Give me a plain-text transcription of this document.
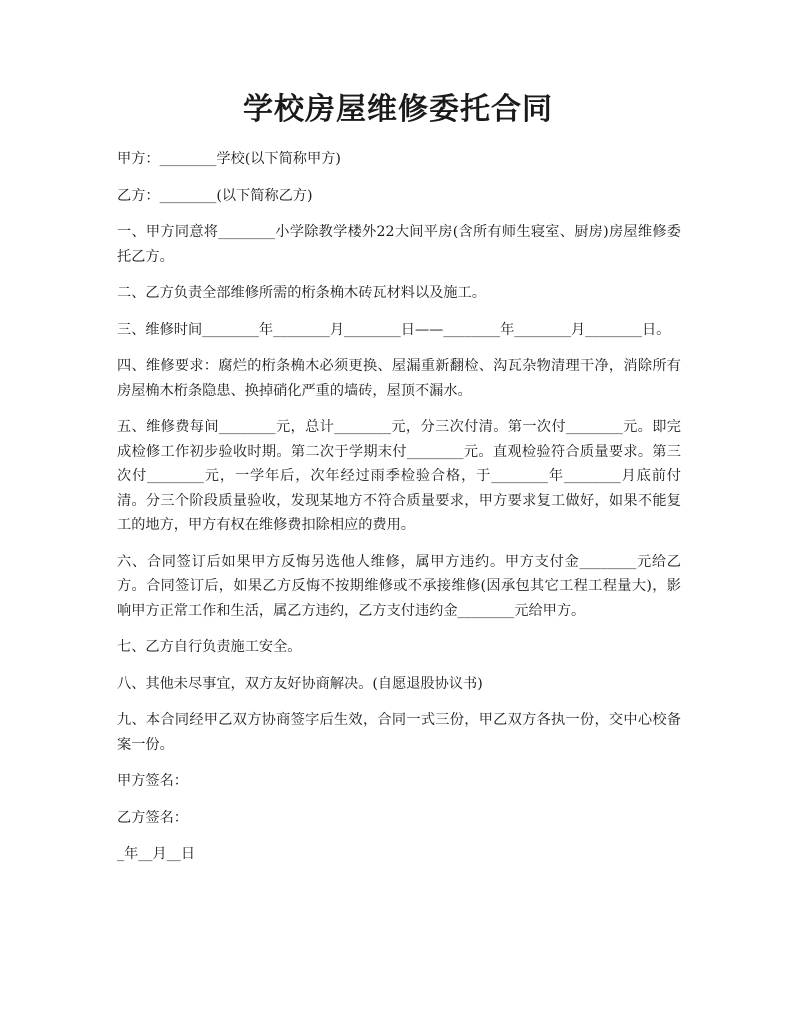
学校房屋维修委托合同

甲方：________学校(以下简称甲方)

乙方：________(以下简称乙方)

一、甲方同意将________小学除教学楼外22大间平房(含所有师生寝室、厨房)房屋维修委托乙方。

二、乙方负责全部维修所需的桁条桷木砖瓦材料以及施工。

三、维修时间________年________月________日——________年________月________日。

四、维修要求：腐烂的桁条桷木必须更换、屋漏重新翻检、沟瓦杂物清理干净，消除所有房屋桷木桁条隐患、换掉硝化严重的墙砖，屋顶不漏水。

五、维修费每间________元，总计________元，分三次付清。第一次付________元。即完成检修工作初步验收时期。第二次于学期末付________元。直观检验符合质量要求。第三次付________元，一学年后，次年经过雨季检验合格，于________年________月底前付清。分三个阶段质量验收，发现某地方不符合质量要求，甲方要求复工做好，如果不能复工的地方，甲方有权在维修费扣除相应的费用。

六、合同签订后如果甲方反悔另选他人维修，属甲方违约。甲方支付金________元给乙方。合同签订后，如果乙方反悔不按期维修或不承接维修(因承包其它工程工程量大)，影响甲方正常工作和生活，属乙方违约，乙方支付违约金________元给甲方。

七、乙方自行负责施工安全。

八、其他未尽事宜，双方友好协商解决。(自愿退股协议书)

九、本合同经甲乙双方协商签字后生效，合同一式三份，甲乙双方各执一份，交中心校备案一份。

甲方签名：

乙方签名：

_年__月__日
